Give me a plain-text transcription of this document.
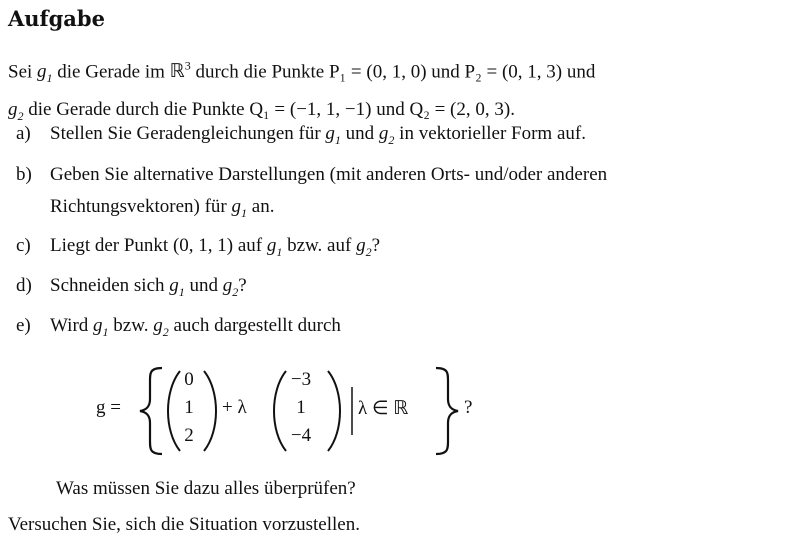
Aufgabe
Sei $g_1$ die Gerade im ℝ$^3$ durch die Punkte P₁ = (0, 1, 0) und P₂ = (0, 1, 3) und
$g_2$ die Gerade durch die Punkte Q₁ = (−1, 1, −1) und Q₂ = (2, 0, 3).
a) Stellen Sie Geradengleichungen für $g_1$ und $g_2$ in vektorieller Form auf.
b) Geben Sie alternative Darstellungen (mit anderen Orts- und/oder anderen
Richtungsvektoren) für $g_1$ an.
c) Liegt der Punkt (0, 1, 1) auf $g_1$ bzw. auf $g_2$?
d) Schneiden sich $g_1$ und $g_2$?
e) Wird $g_1$ bzw. $g_2$ auch dargestellt durch
g =
0
1
2
+ λ
−3
1
−4
λ ∈ ℝ	?
Was müssen Sie dazu alles überprüfen?
Versuchen Sie, sich die Situation vorzustellen.
